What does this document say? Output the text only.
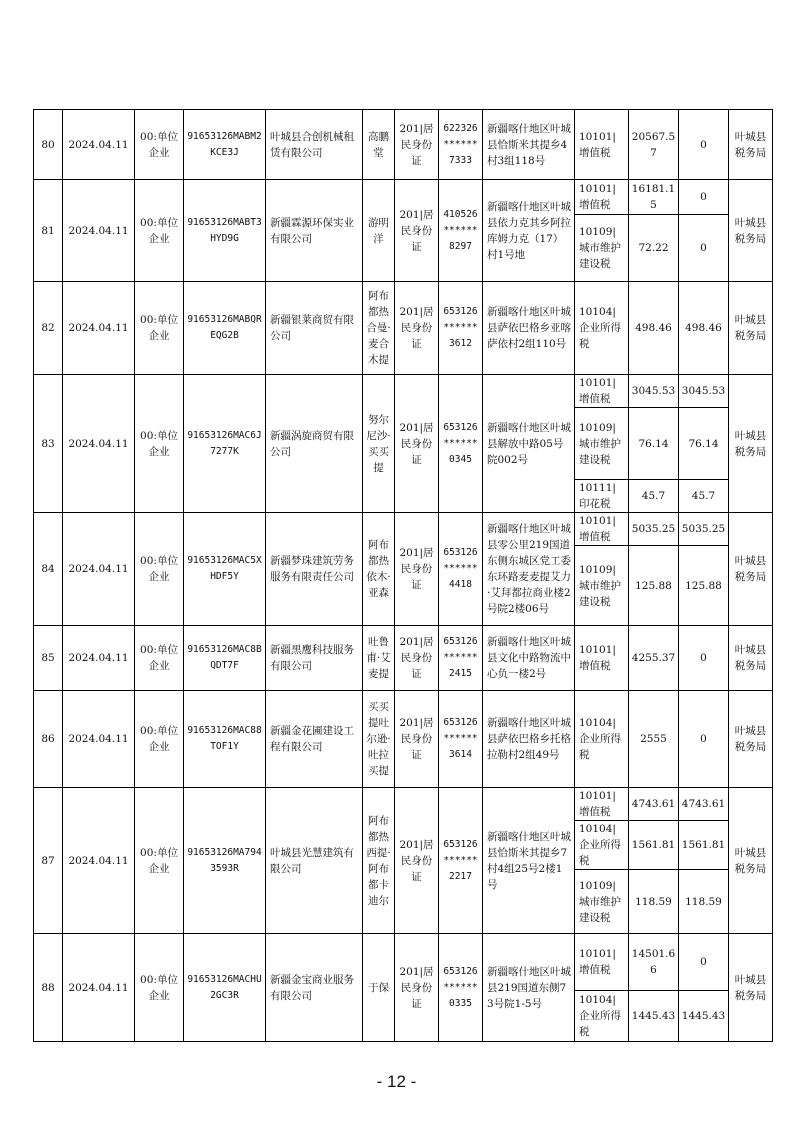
80	2024.04.11	00:单位企业	91653126MABM2KCE3J	叶城县合创机械租赁有限公司	高鹏堂	201|居民身份证	622326******7333	新疆喀什地区叶城县恰斯米其提乡4村3组118号	10101|增值税	20567.57	0	叶城县税务局
81	2024.04.11	00:单位企业	91653126MABT3HYD9G	新疆霖源环保实业有限公司	游明洋	201|居民身份证	410526******8297	新疆喀什地区叶城县依力克其乡阿拉库姆力克（17）村1号地	10101|增值税	16181.15	0	叶城县税务局
									10109|城市维护建设税	72.22	0	
82	2024.04.11	00:单位企业	91653126MABQREQG2B	新疆银莱商贸有限公司	阿布都热合曼·麦合木提	201|居民身份证	653126******3612	新疆喀什地区叶城县萨依巴格乡亚喀萨依村2组110号	10104|企业所得税	498.46	498.46	叶城县税务局
83	2024.04.11	00:单位企业	91653126MAC6J7277K	新疆涡旋商贸有限公司	努尔尼沙·买买提	201|居民身份证	653126******0345	新疆喀什地区叶城县解放中路05号院002号	10101|增值税	3045.53	3045.53	叶城县税务局
									10109|城市维护建设税	76.14	76.14	
									10111|印花税	45.7	45.7	
84	2024.04.11	00:单位企业	91653126MAC5XHDF5Y	新疆梦珠建筑劳务服务有限责任公司	阿布都热依木·亚森	201|居民身份证	653126******4418	新疆喀什地区叶城县零公里219国道东侧东城区党工委东环路麦麦提艾力·艾拜都拉商业楼2号院2楼06号	10101|增值税	5035.25	5035.25	叶城县税务局
									10109|城市维护建设税	125.88	125.88	
85	2024.04.11	00:单位企业	91653126MAC8BQDT7F	新疆黑鹰科技服务有限公司	吐鲁甫·艾麦提	201|居民身份证	653126******2415	新疆喀什地区叶城县文化中路物流中心负一楼2号	10101|增值税	4255.37	0	叶城县税务局
86	2024.04.11	00:单位企业	91653126MAC88TOF1Y	新疆金花圃建设工程有限公司	买买提吐尔逊·吐拉买提	201|居民身份证	653126******3614	新疆喀什地区叶城县萨依巴格乡托格拉勒村2组49号	10104|企业所得税	2555	0	叶城县税务局
87	2024.04.11	00:单位企业	91653126MA7943593R	叶城县光慧建筑有限公司	阿布都热西提·阿布都卡迪尔	201|居民身份证	653126******2217	新疆喀什地区叶城县恰斯米其提乡7村4组25号2楼1号	10101|增值税	4743.61	4743.61	叶城县税务局
									10104|企业所得税	1561.81	1561.81	
									10109|城市维护建设税	118.59	118.59	
88	2024.04.11	00:单位企业	91653126MACHU2GC3R	新疆金宝商业服务有限公司	于保	201|居民身份证	653126******0335	新疆喀什地区叶城县219国道东侧73号院1-5号	10101|增值税	14501.66	0	叶城县税务局
									10104|企业所得税	1445.43	1445.43	
- 12 -
